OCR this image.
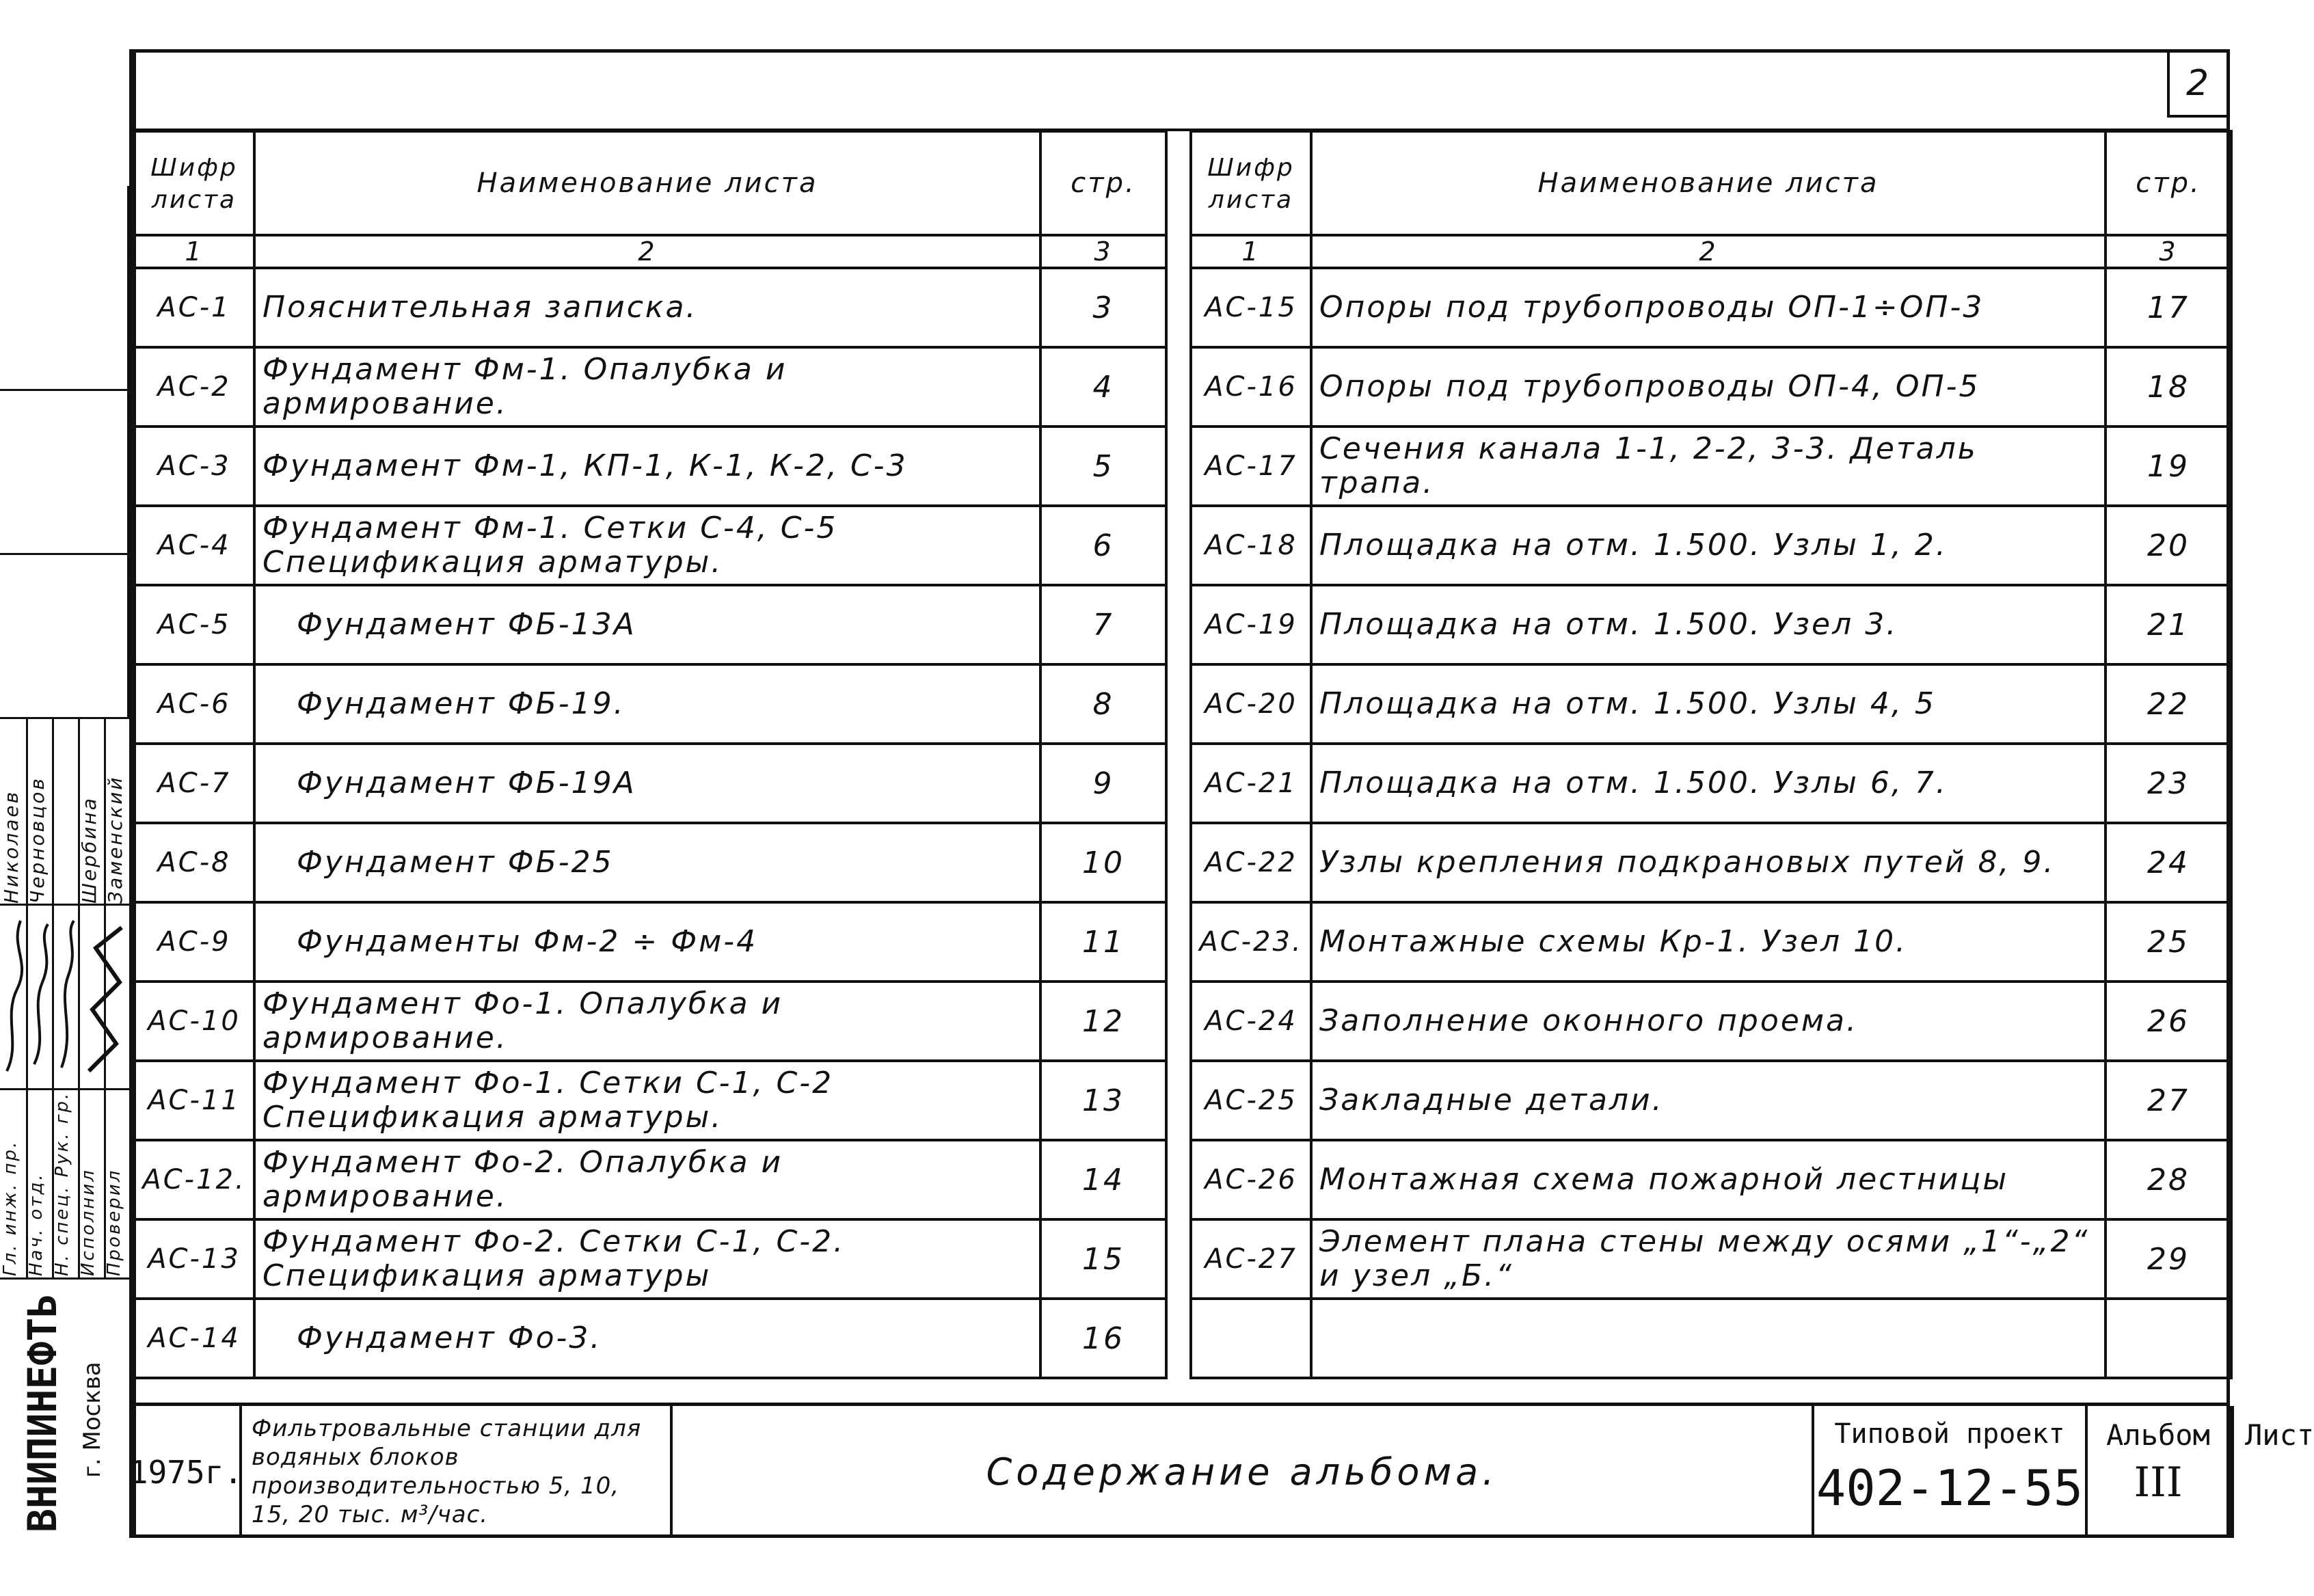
Николаев Черновцов Шербина Заменский
Гл. инж. пр. Нач. отд. Н. спец. Рук. гр. Исполнил Проверил
ВНИПИНЕФТЬ г. Москва
2
Шифр листа	Наименование листа	стр.
1	2	3
АС-1	Пояснительная записка.	3
АС-2	Фундамент Фм-1. Опалубка и армирование.	4
АС-3	Фундамент Фм-1, КП-1, К-1, К-2, С-3	5
АС-4	Фундамент Фм-1. Сетки С-4, С-5 Спецификация арматуры.	6
АС-5	Фундамент ФБ-13А	7
АС-6	Фундамент ФБ-19.	8
АС-7	Фундамент ФБ-19А	9
АС-8	Фундамент ФБ-25	10
АС-9	Фундаменты Фм-2 ÷ Фм-4	11
АС-10	Фундамент Фо-1. Опалубка и армирование.	12
АС-11	Фундамент Фо-1. Сетки С-1, С-2 Спецификация арматуры.	13
АС-12.	Фундамент Фо-2. Опалубка и армирование.	14
АС-13	Фундамент Фо-2. Сетки С-1, С-2. Спецификация арматуры	15
АС-14	Фундамент Фо-3.	16
Шифр листа	Наименование листа	стр.
1	2	3
АС-15	Опоры под трубопроводы ОП-1÷ОП-3	17
АС-16	Опоры под трубопроводы ОП-4, ОП-5	18
АС-17	Сечения канала 1-1, 2-2, 3-3. Деталь трапа.	19
АС-18	Площадка на отм. 1.500. Узлы 1, 2.	20
АС-19	Площадка на отм. 1.500. Узел 3.	21
АС-20	Площадка на отм. 1.500. Узлы 4, 5	22
АС-21	Площадка на отм. 1.500. Узлы 6, 7.	23
АС-22	Узлы крепления подкрановых путей 8, 9.	24
АС-23.	Монтажные схемы Кр-1. Узел 10.	25
АС-24	Заполнение оконного проема.	26
АС-25	Закладные детали.	27
АС-26	Монтажная схема пожарной лестницы	28
АС-27	Элемент плана стены между осями „1“-„2“ и узел „Б.“	29

1975г.
Фильтровальные станции для водяных блоков производительностью 5, 10, 15, 20 тыс. м³/час.
Содержание альбома.
Типовой проект
402-12-55
Альбом
III
Лист
